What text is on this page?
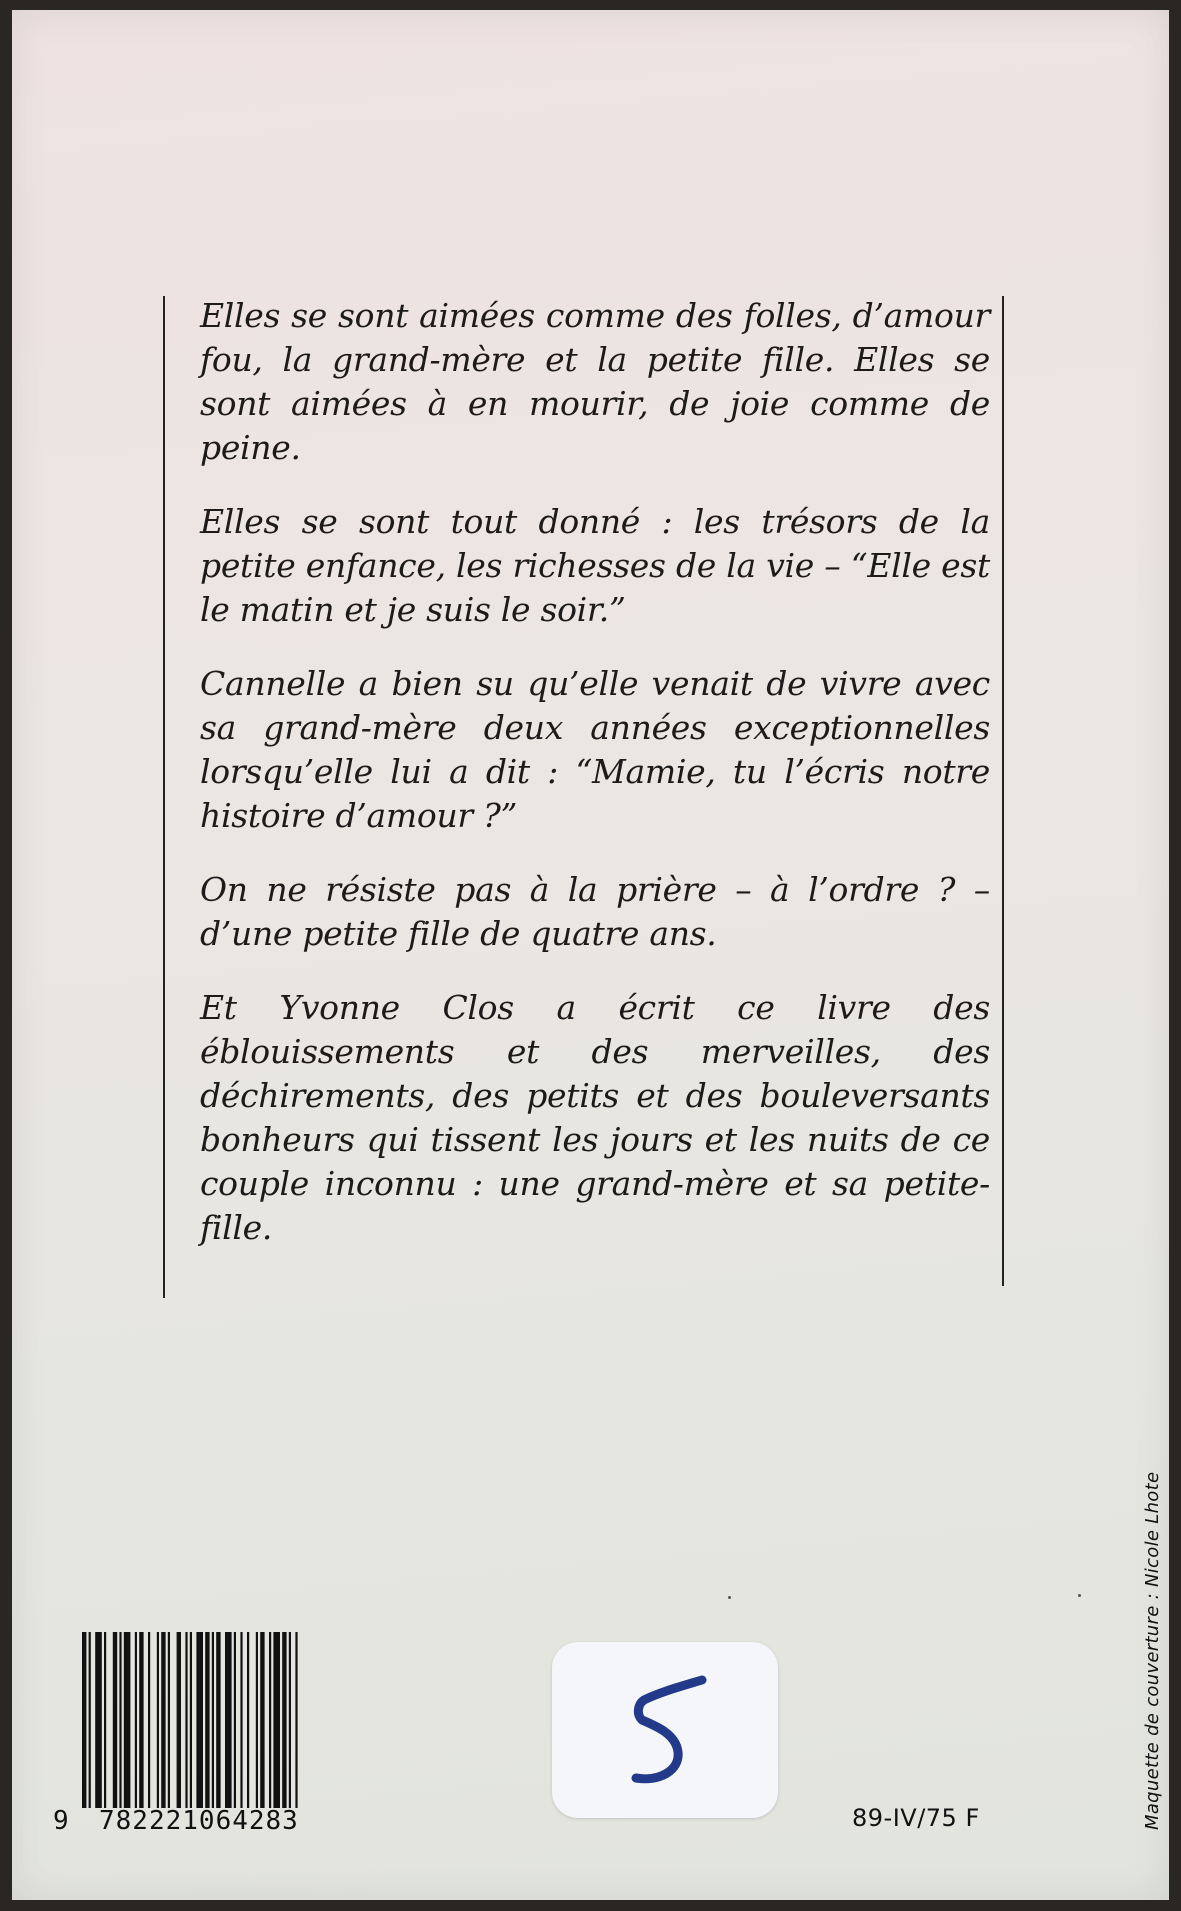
Elles se sont aimées comme des folles, d’amour fou, la grand-mère et la petite fille. Elles se sont aimées à en mourir, de joie comme de peine.

Elles se sont tout donné : les trésors de la petite enfance, les richesses de la vie – “Elle est le matin et je suis le soir.”

Cannelle a bien su qu’elle venait de vivre avec sa grand-mère deux années exceptionnelles lorsqu’elle lui a dit : “Mamie, tu l’écris notre histoire d’amour ?”

On ne résiste pas à la prière – à l’ordre ? – d’une petite fille de quatre ans.

Et Yvonne Clos a écrit ce livre des éblouissements et des merveilles, des déchirements, des petits et des bouleversants bonheurs qui tissent les jours et les nuits de ce couple inconnu : une grand-mère et sa petite-fille.

9 782221064283	89-IV/75 F	Maquette de couverture : Nicole Lhote
